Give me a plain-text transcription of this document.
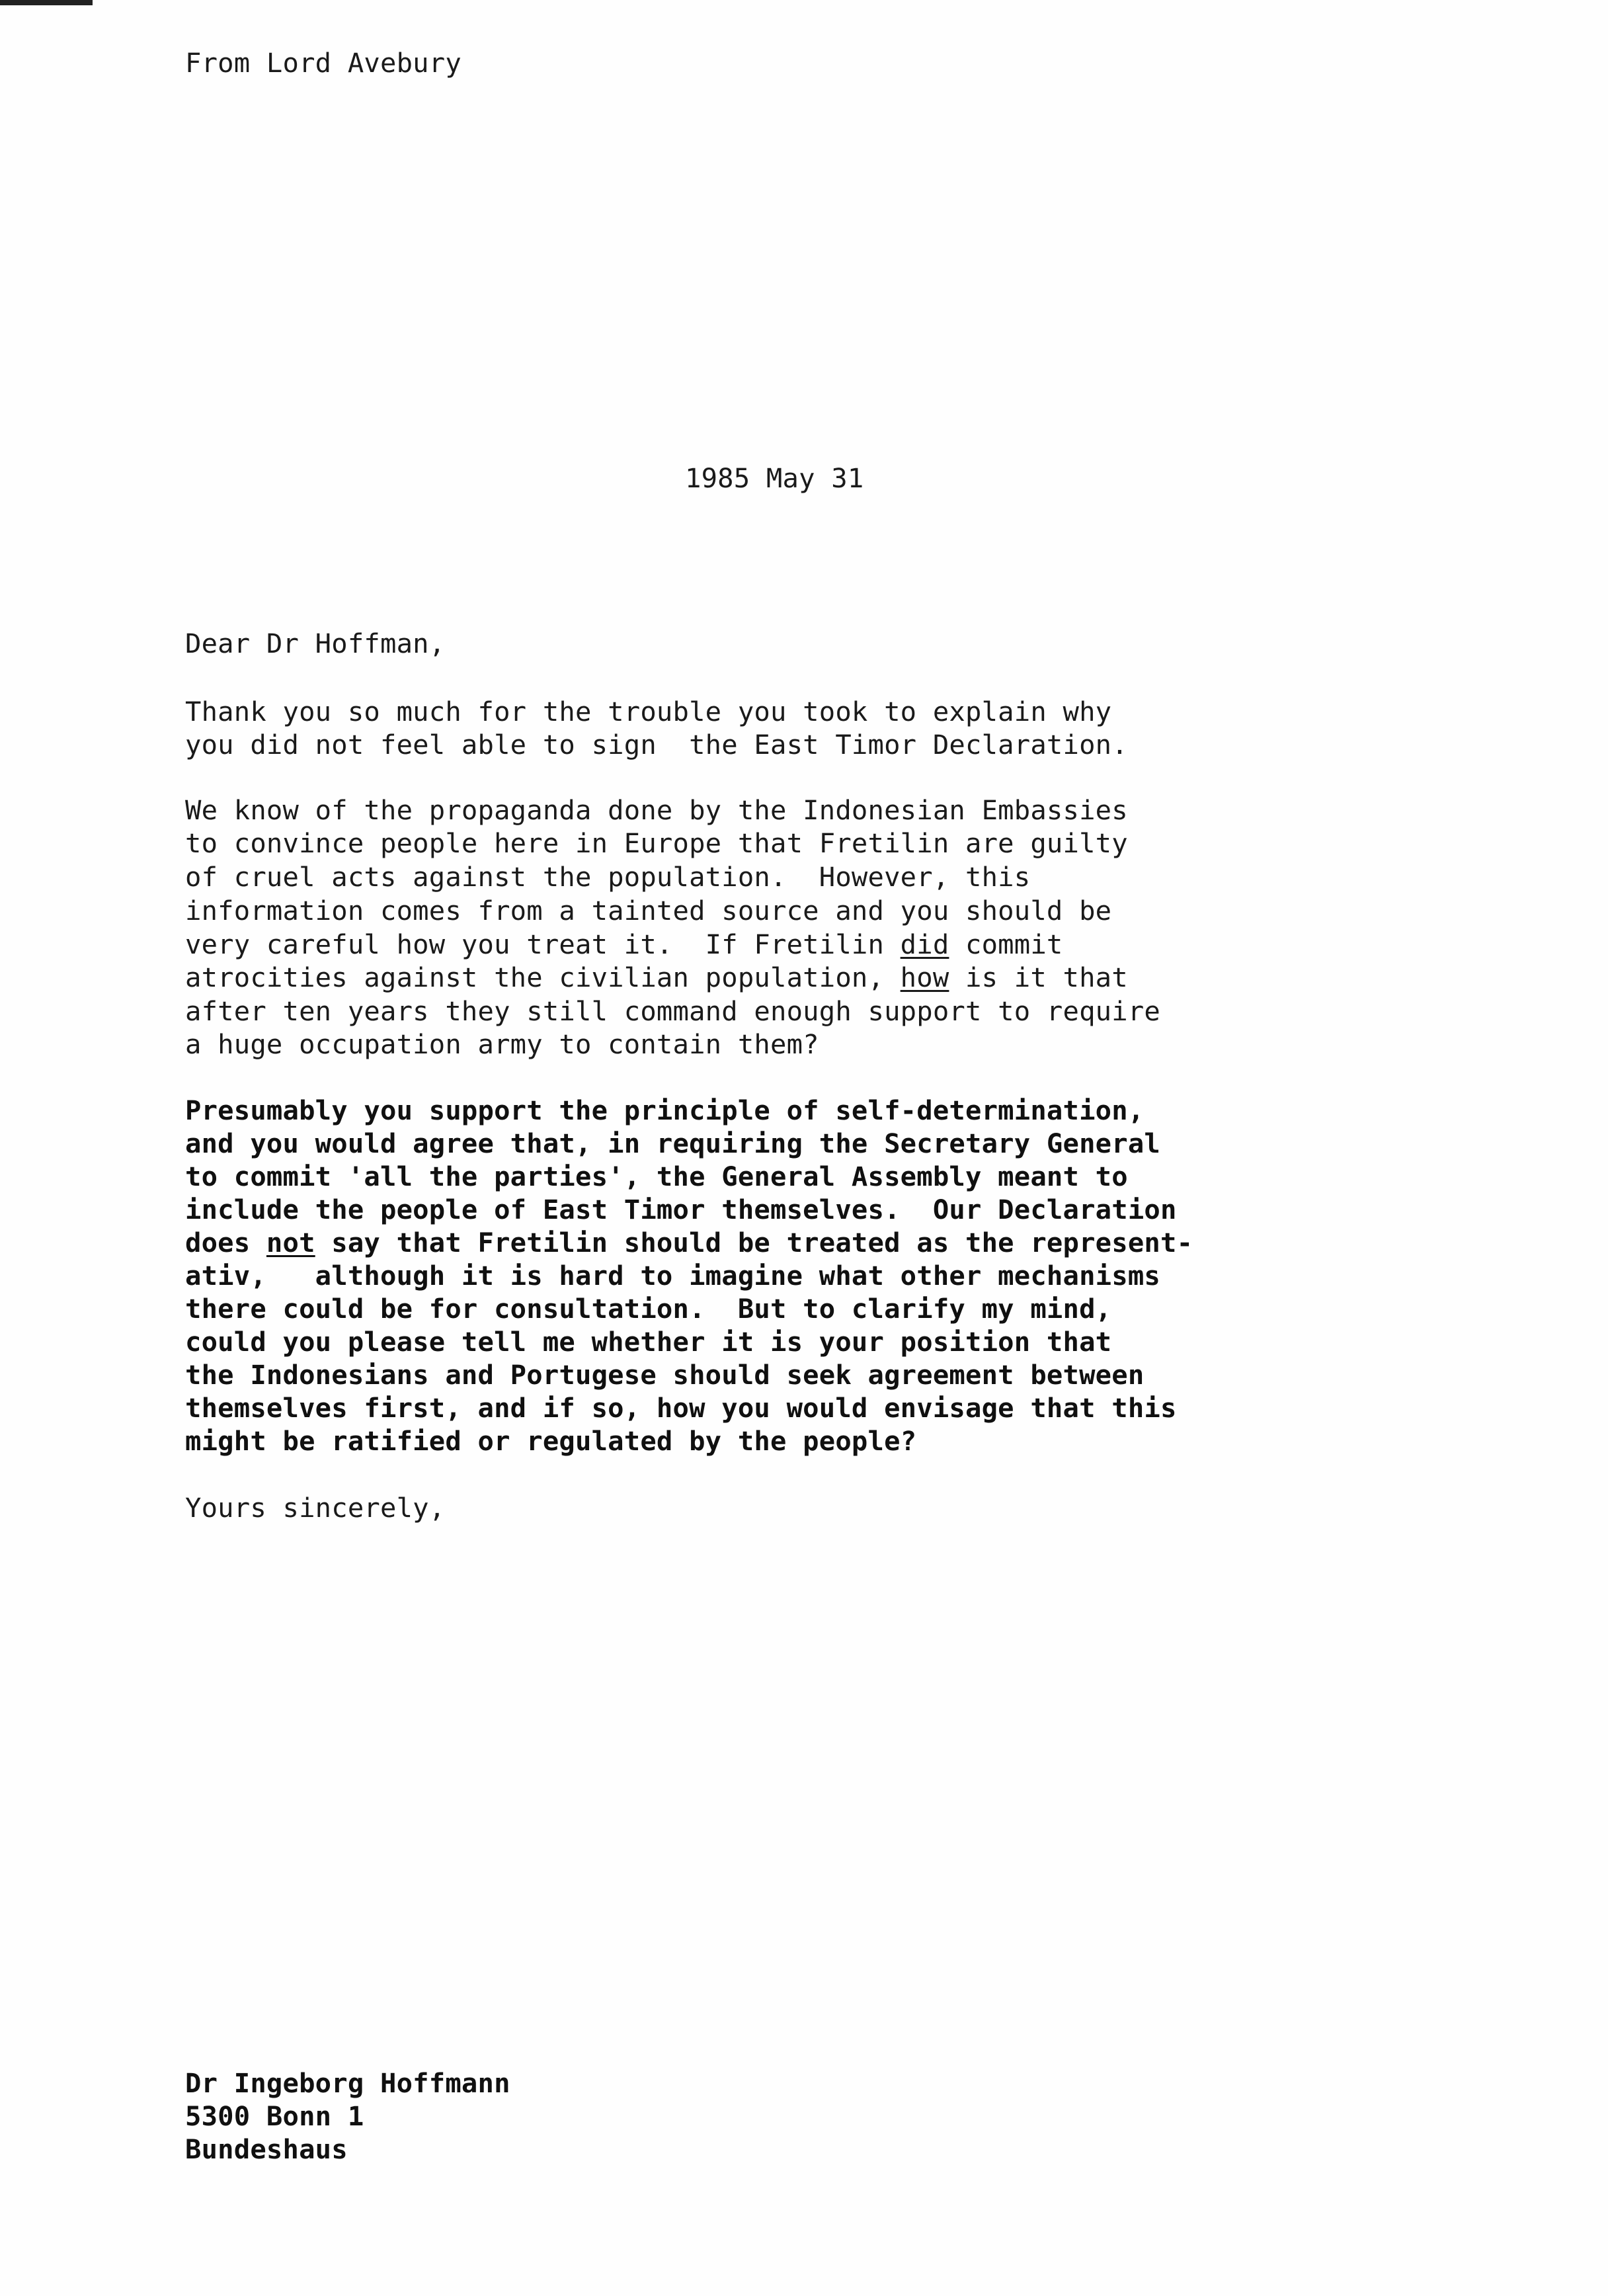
From Lord Avebury

1985 May 31

Dear Dr Hoffman,

Thank you so much for the trouble you took to explain why

you did not feel able to sign  the East Timor Declaration.

We know of the propaganda done by the Indonesian Embassies

to convince people here in Europe that Fretilin are guilty

of cruel acts against the population.  However, this

information comes from a tainted source and you should be

very careful how you treat it.  If Fretilin did commit

atrocities against the civilian population, how is it that

after ten years they still command enough support to require

a huge occupation army to contain them?

Presumably you support the principle of self-determination,

and you would agree that, in requiring the Secretary General

to commit 'all the parties', the General Assembly meant to

include the people of East Timor themselves.  Our Declaration

does not say that Fretilin should be treated as the represent-

ativ,   although it is hard to imagine what other mechanisms

there could be for consultation.  But to clarify my mind,

could you please tell me whether it is your position that

the Indonesians and Portugese should seek agreement between

themselves first, and if so, how you would envisage that this

might be ratified or regulated by the people?

Yours sincerely,

Dr Ingeborg Hoffmann

5300 Bonn 1

Bundeshaus
